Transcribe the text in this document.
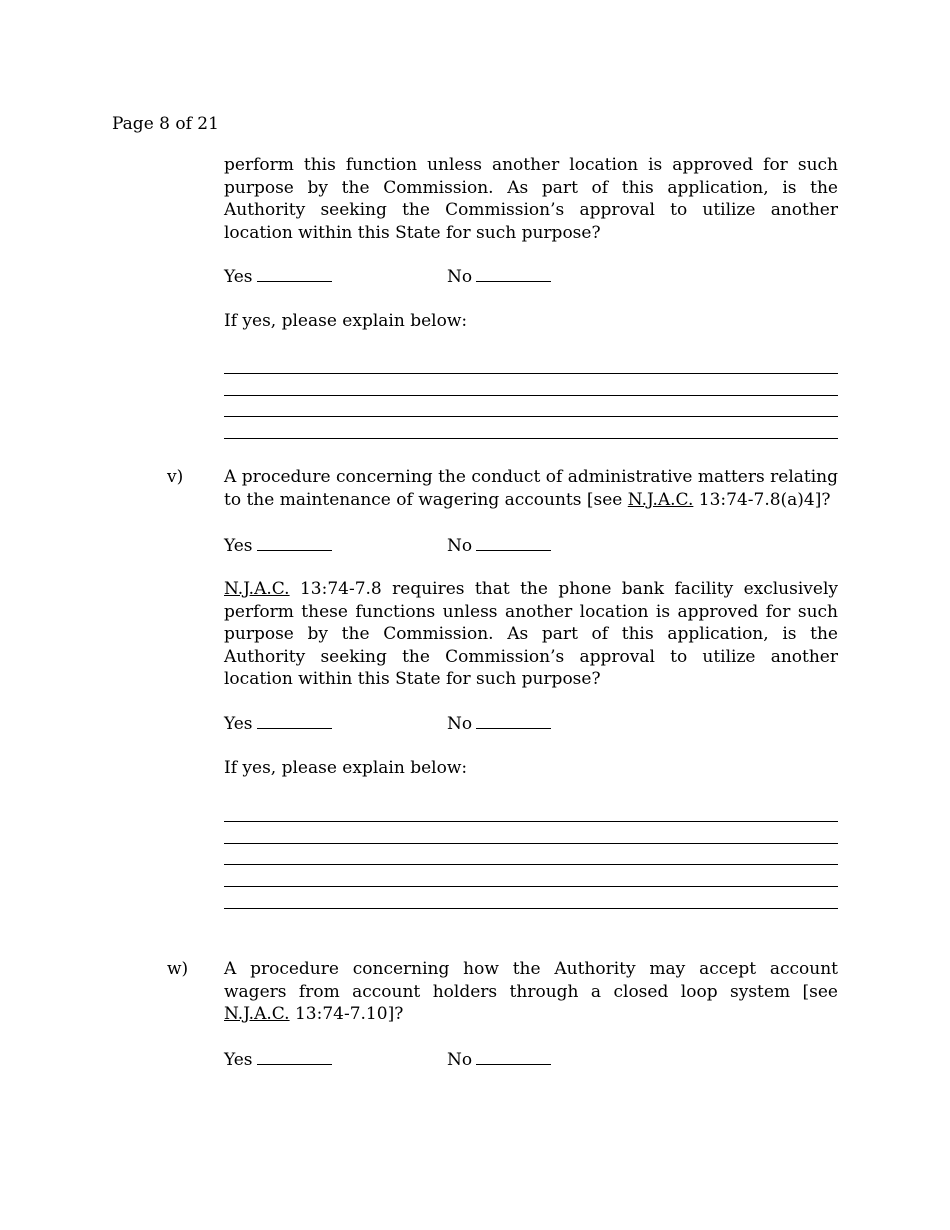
Page 8 of 21
perform this function unless another location is approved for such purpose by the Commission. As part of this application, is the Authority seeking the Commission’s approval to utilize another location within this State for such purpose?
Yes	No
If yes, please explain below:
v) A procedure concerning the conduct of administrative matters relating to the maintenance of wagering accounts [see N.J.A.C. 13:74-7.8(a)4]?
Yes	No
N.J.A.C. 13:74-7.8 requires that the phone bank facility exclusively perform these functions unless another location is approved for such purpose by the Commission. As part of this application, is the Authority seeking the Commission’s approval to utilize another location within this State for such purpose?
Yes	No
If yes, please explain below:
w) A procedure concerning how the Authority may accept account wagers from account holders through a closed loop system [see N.J.A.C. 13:74-7.10]?
Yes	No
